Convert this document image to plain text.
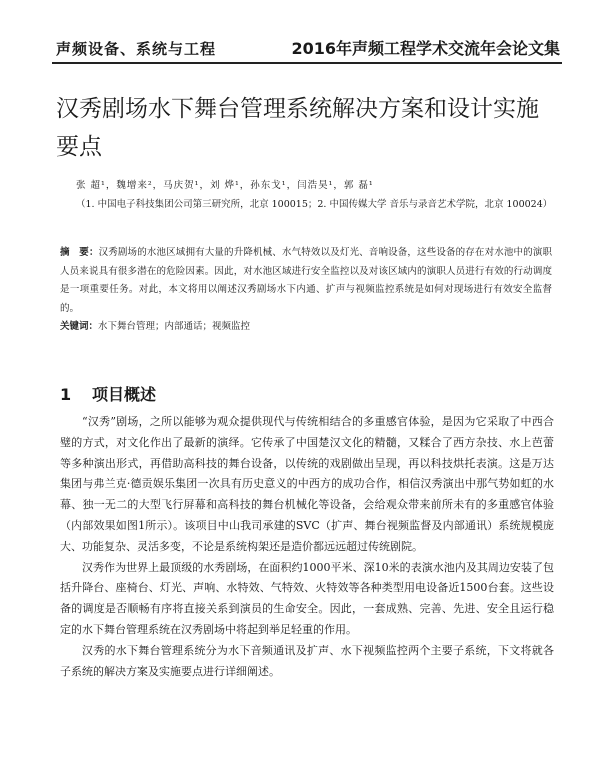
声频设备、系统与工程	2016年声频工程学术交流年会论文集
汉秀剧场水下舞台管理系统解决方案和设计实施要点
张 超¹，魏增来²，马庆贺¹，刘 烨¹，孙东戈¹，闫浩昊¹，郭 磊¹
（1. 中国电子科技集团公司第三研究所，北京 100015；2. 中国传媒大学 音乐与录音艺术学院，北京 100024）
摘　要：汉秀剧场的水池区域拥有大量的升降机械、水气特效以及灯光、音响设备，这些设备的存在对水池中的演职人员来说具有很多潜在的危险因素。因此，对水池区域进行安全监控以及对该区域内的演职人员进行有效的行动调度是一项重要任务。对此，本文将用以阐述汉秀剧场水下内通、扩声与视频监控系统是如何对现场进行有效安全监督的。
关键词：水下舞台管理；内部通话；视频监控
1 项目概述

“汉秀”剧场，之所以能够为观众提供现代与传统相结合的多重感官体验，是因为它采取了中西合璧的方式，对文化作出了最新的演绎。它传承了中国楚汉文化的精髓，又糅合了西方杂技、水上芭蕾等多种演出形式，再借助高科技的舞台设备，以传统的戏剧做出呈现，再以科技烘托表演。这是万达集团与弗兰克·德贡娱乐集团一次具有历史意义的中西方的成功合作，相信汉秀演出中那气势如虹的水幕、独一无二的大型飞行屏幕和高科技的舞台机械化等设备，会给观众带来前所未有的多重感官体验（内部效果如图1所示）。该项目中山我司承建的SVC（扩声、舞台视频监督及内部通讯）系统规模庞大、功能复杂、灵活多变，不论是系统构架还是造价都远远超过传统剧院。

汉秀作为世界上最顶级的水秀剧场，在面积约1000平米、深10米的表演水池内及其周边安装了包括升降台、座椅台、灯光、声响、水特效、气特效、火特效等各种类型用电设备近1500台套。这些设备的调度是否顺畅有序将直接关系到演员的生命安全。因此，一套成熟、完善、先进、安全且运行稳定的水下舞台管理系统在汉秀剧场中将起到举足轻重的作用。

汉秀的水下舞台管理系统分为水下音频通讯及扩声、水下视频监控两个主要子系统，下文将就各子系统的解决方案及实施要点进行详细阐述。
